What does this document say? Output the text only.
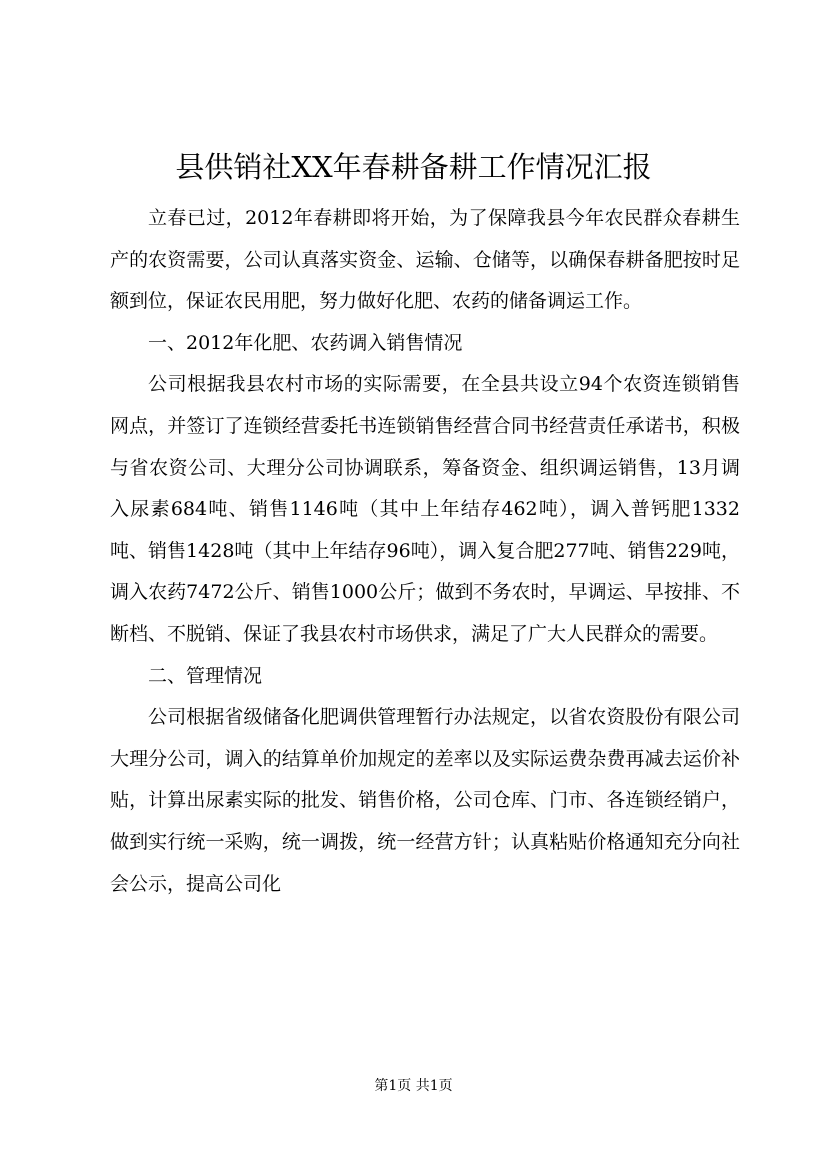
县供销社XX年春耕备耕工作情况汇报

立春已过，2012年春耕即将开始，为了保障我县今年农民群众春耕生产的农资需要，公司认真落实资金、运输、仓储等，以确保春耕备肥按时足额到位，保证农民用肥，努力做好化肥、农药的储备调运工作。

一、2012年化肥、农药调入销售情况

公司根据我县农村市场的实际需要，在全县共设立94个农资连锁销售网点，并签订了连锁经营委托书连锁销售经营合同书经营责任承诺书，积极与省农资公司、大理分公司协调联系，筹备资金、组织调运销售，13月调入尿素684吨、销售1146吨（其中上年结存462吨），调入普钙肥1332吨、销售1428吨（其中上年结存96吨），调入复合肥277吨、销售229吨，调入农药7472公斤、销售1000公斤；做到不务农时，早调运、早按排、不断档、不脱销、保证了我县农村市场供求，满足了广大人民群众的需要。

二、管理情况

公司根据省级储备化肥调供管理暂行办法规定，以省农资股份有限公司大理分公司，调入的结算单价加规定的差率以及实际运费杂费再减去运价补贴，计算出尿素实际的批发、销售价格，公司仓库、门市、各连锁经销户，做到实行统一采购，统一调拨，统一经营方针；认真粘贴价格通知充分向社会公示，提高公司化

第1页 共1页
